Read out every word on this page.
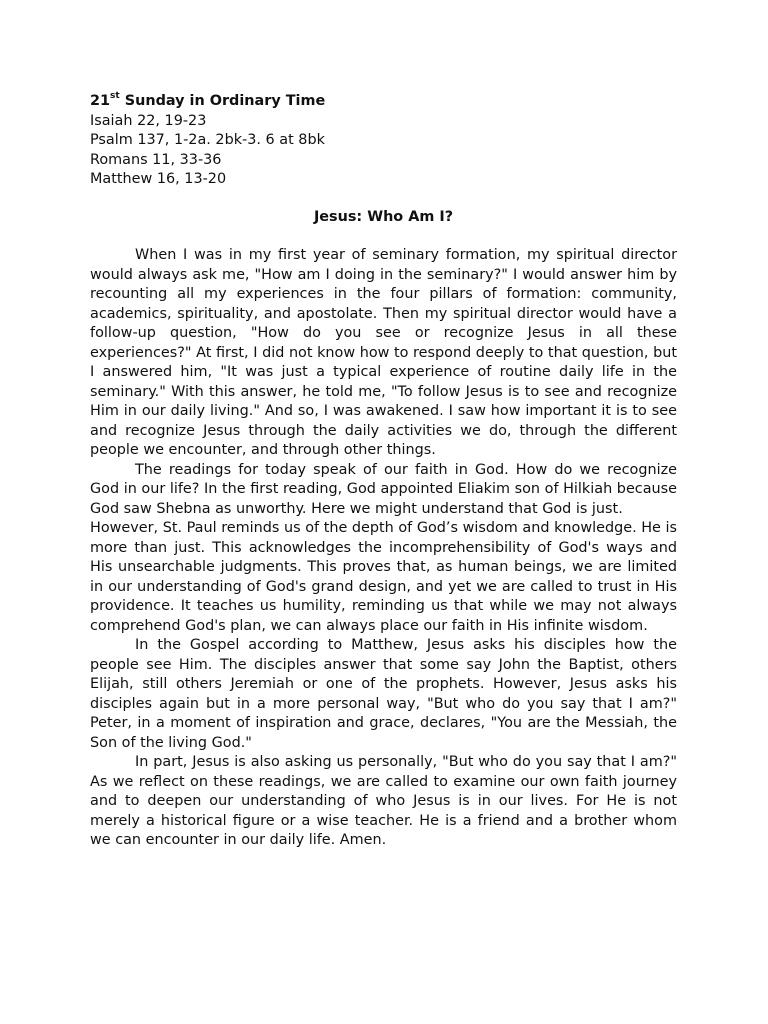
21st Sunday in Ordinary Time
Isaiah 22, 19-23
Psalm 137, 1-2a. 2bk-3. 6 at 8bk
Romans 11, 33-36
Matthew 16, 13-20
Jesus: Who Am I?

When I was in my first year of seminary formation, my spiritual director would always ask me, "How am I doing in the seminary?" I would answer him by recounting all my experiences in the four pillars of formation: community, academics, spirituality, and apostolate. Then my spiritual director would have a follow-up question, "How do you see or recognize Jesus in all these experiences?" At first, I did not know how to respond deeply to that question, but I answered him, "It was just a typical experience of routine daily life in the seminary." With this answer, he told me, "To follow Jesus is to see and recognize Him in our daily living." And so, I was awakened. I saw how important it is to see and recognize Jesus through the daily activities we do, through the different people we encounter, and through other things.

The readings for today speak of our faith in God. How do we recognize God in our life? In the first reading, God appointed Eliakim son of Hilkiah because God saw Shebna as unworthy. Here we might understand that God is just.

However, St. Paul reminds us of the depth of God’s wisdom and knowledge. He is more than just. This acknowledges the incomprehensibility of God's ways and His unsearchable judgments. This proves that, as human beings, we are limited in our understanding of God's grand design, and yet we are called to trust in His providence. It teaches us humility, reminding us that while we may not always comprehend God's plan, we can always place our faith in His infinite wisdom.

In the Gospel according to Matthew, Jesus asks his disciples how the people see Him. The disciples answer that some say John the Baptist, others Elijah, still others Jeremiah or one of the prophets. However, Jesus asks his disciples again but in a more personal way, "But who do you say that I am?" Peter, in a moment of inspiration and grace, declares, "You are the Messiah, the Son of the living God."

In part, Jesus is also asking us personally, "But who do you say that I am?" As we reflect on these readings, we are called to examine our own faith journey and to deepen our understanding of who Jesus is in our lives. For He is not merely a historical figure or a wise teacher. He is a friend and a brother whom we can encounter in our daily life. Amen.
